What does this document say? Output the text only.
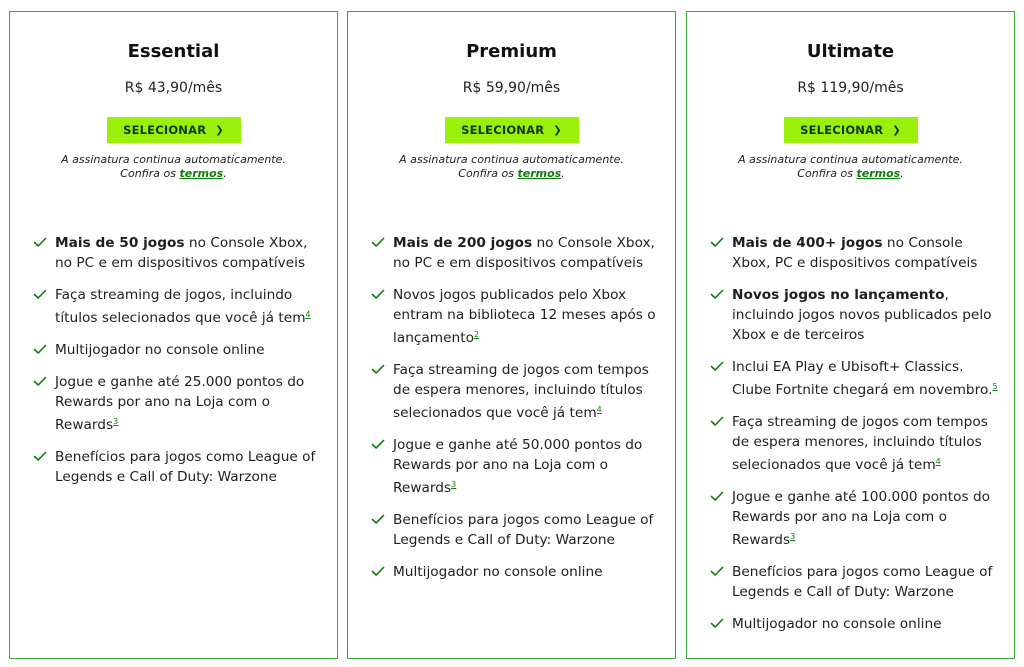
Essential
R$ 43,90/mês
SELECIONAR ❯

A assinatura continua automaticamente.
Confira os termos.

Mais de 50 jogos no Console Xbox, no PC e em dispositivos compatíveis
Faça streaming de jogos, incluindo títulos selecionados que você já tem$^4$
Multijogador no console online
Jogue e ganhe até 25.000 pontos do Rewards por ano na Loja com o Rewards$^3$
Benefícios para jogos como League of Legends e Call of Duty: Warzone
Premium
R$ 59,90/mês
SELECIONAR ❯

A assinatura continua automaticamente.
Confira os termos.

Mais de 200 jogos no Console Xbox, no PC e em dispositivos compatíveis
Novos jogos publicados pelo Xbox entram na biblioteca 12 meses após o lançamento$^2$
Faça streaming de jogos com tempos de espera menores, incluindo títulos selecionados que você já tem$^4$
Jogue e ganhe até 50.000 pontos do Rewards por ano na Loja com o Rewards$^3$
Benefícios para jogos como League of Legends e Call of Duty: Warzone
Multijogador no console online
Ultimate
R$ 119,90/mês
SELECIONAR ❯

A assinatura continua automaticamente.
Confira os termos.

Mais de 400+ jogos no Console Xbox, PC e dispositivos compatíveis
Novos jogos no lançamento, incluindo jogos novos publicados pelo Xbox e de terceiros
Inclui EA Play e Ubisoft+ Classics. Clube Fortnite chegará em novembro.$^5$
Faça streaming de jogos com tempos de espera menores, incluindo títulos selecionados que você já tem$^4$
Jogue e ganhe até 100.000 pontos do Rewards por ano na Loja com o Rewards$^3$
Benefícios para jogos como League of Legends e Call of Duty: Warzone
Multijogador no console online
